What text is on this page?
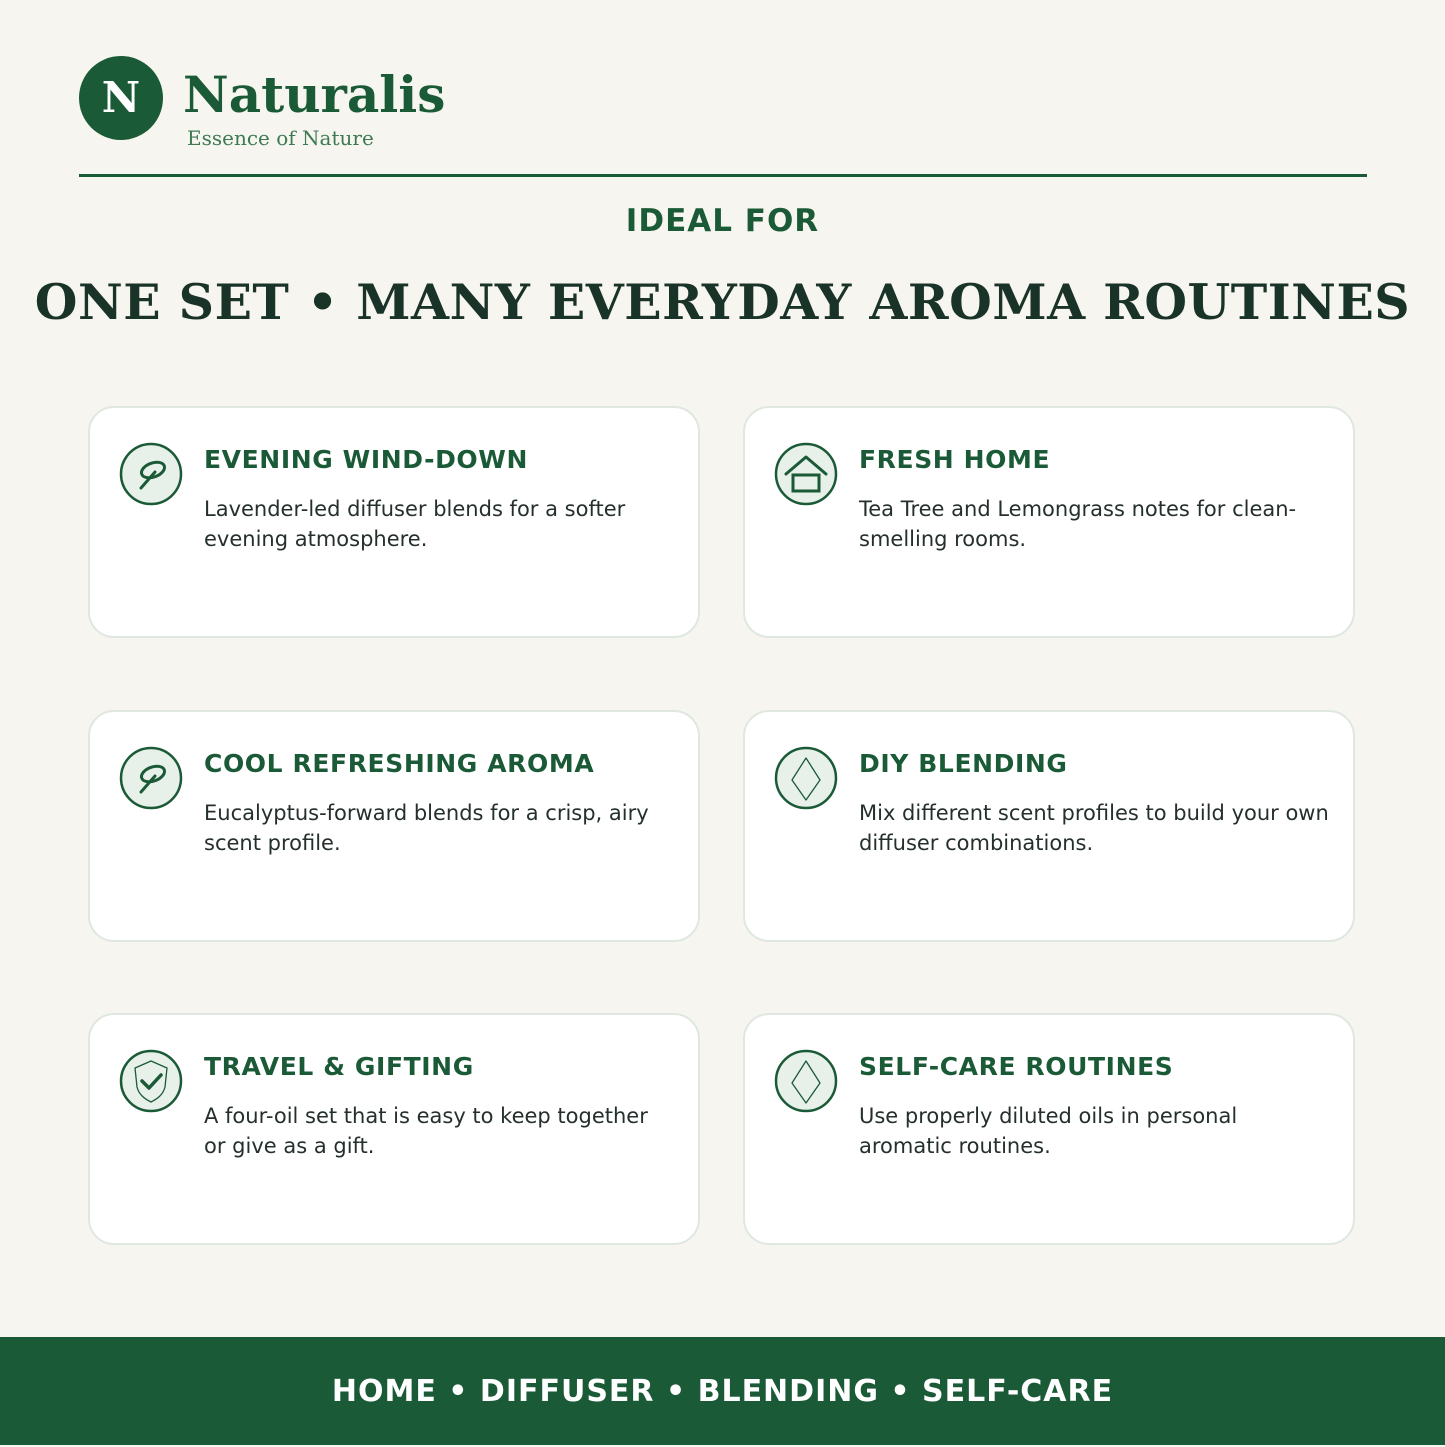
N Naturalis
Essence of Nature
IDEAL FOR
ONE SET • MANY EVERYDAY AROMA ROUTINES
EVENING WIND-DOWN
Lavender-led diffuser blends for a softer evening atmosphere.
FRESH HOME
Tea Tree and Lemongrass notes for clean-smelling rooms.
COOL REFRESHING AROMA
Eucalyptus-forward blends for a crisp, airy scent profile.
DIY BLENDING
Mix different scent profiles to build your own diffuser combinations.
TRAVEL & GIFTING
A four-oil set that is easy to keep together or give as a gift.
SELF-CARE ROUTINES
Use properly diluted oils in personal aromatic routines.
HOME • DIFFUSER • BLENDING • SELF-CARE
